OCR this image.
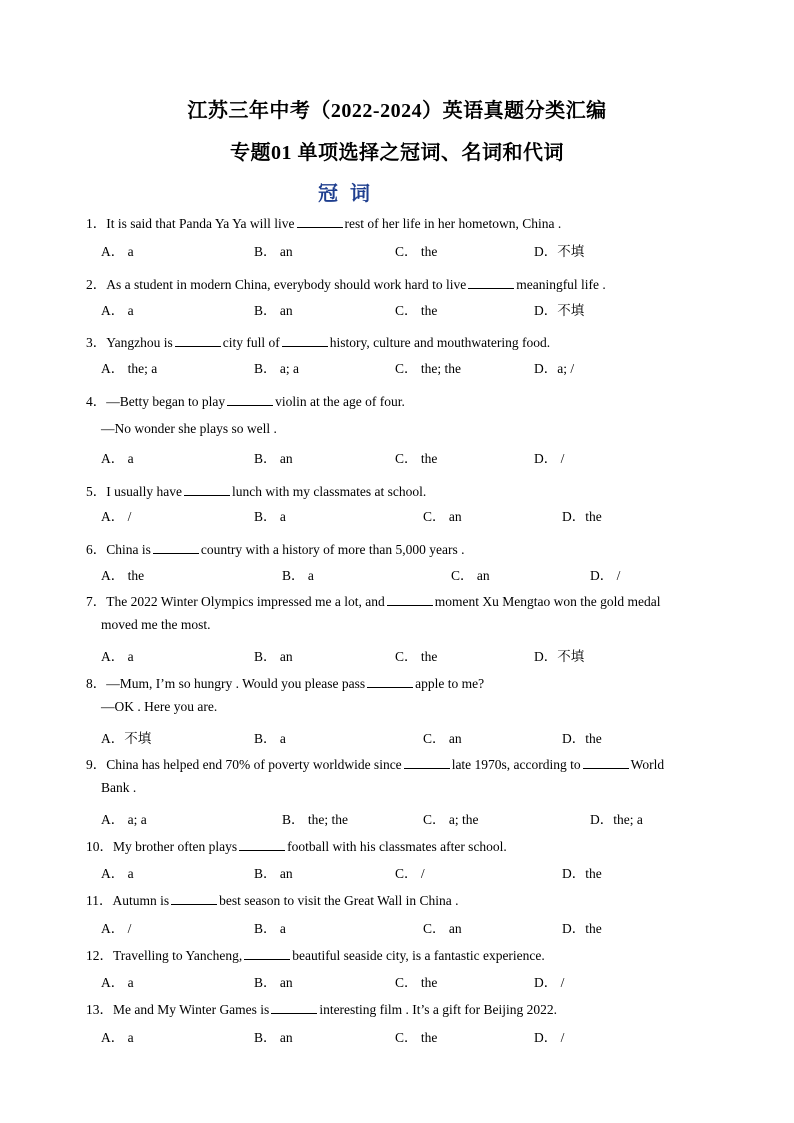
江苏三年中考（2022-2024）英语真题分类汇编
专题01 单项选择之冠词、名词和代词
冠词
1．It is said that Panda Ya Ya will live	rest of her life in her hometown, China .
A． a	B． an	C． the	D．不填
2．As a student in modern China, everybody should work hard to live	meaningful life .
A． a	B． an	C． the	D．不填
3．Yangzhou is	city full of	history, culture and mouthwatering food.
A． the; a	B． a; a	C． the; the	D．a; /
4．—Betty began to play	violin at the age of four.
—No wonder she plays so well .
A． a	B． an	C． the	D． /
5．I usually have	lunch with my classmates at school.
A． /	B． a	C． an	D．the
6．China is	country with a history of more than 5,000 years .
A． the	B． a	C． an	D． /
7．The 2022 Winter Olympics impressed me a lot, and	moment Xu Mengtao won the gold medal
moved me the most.
A． a	B． an	C． the	D．不填
8．—Mum, I’m so hungry . Would you please pass	apple to me?
—OK . Here you are.
A．不填	B． a	C． an	D．the
9．China has helped end 70% of poverty worldwide since	late 1970s, according to	World
Bank .
A． a; a	B． the; the	C． a; the	D．the; a
10．My brother often plays	football with his classmates after school.
A． a	B． an	C． /	D．the
11．Autumn is	best season to visit the Great Wall in China .
A． /	B． a	C． an	D．the
12．Travelling to Yancheng,	beautiful seaside city, is a fantastic experience.
A． a	B． an	C． the	D． /
13．Me and My Winter Games is	interesting film . It’s a gift for Beijing 2022.
A． a	B． an	C． the	D． /
